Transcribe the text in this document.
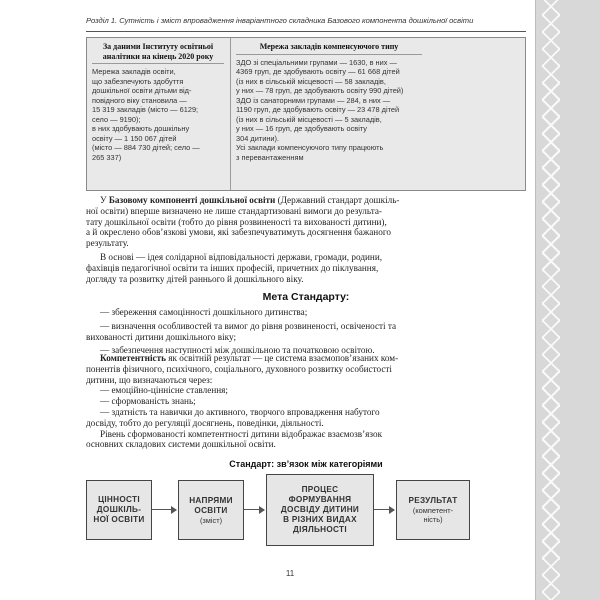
Розділ 1. Сутність і зміст впровадження інваріантного складника Базового компонента дошкільної освіти
За даними Інституту освітньої
аналітики на кінець 2020 року
Мережа закладів освіти,
що забезпечують здобуття
дошкільної освіти дітьми від-
повідного віку становила —
15 319 закладів (місто — 6129;
село — 9190);
в них здобувають дошкільну
освіту — 1 150 067 дітей
(місто — 884 730 дітей; село —
265 337)
Мережа закладів компенсуючого типу
ЗДО зі спеціальними групами — 1630, в них —
4369 груп, де здобувають освіту — 61 668 дітей
(із них в сільській місцевості — 58 закладів,
у них — 78 груп, де здобувають освіту 990 дітей)
ЗДО із санаторними групами — 284, в них —
1190 груп, де здобувають освіту — 23 478 дітей
(із них в сільській місцевості — 5 закладів,
у них — 16 груп, де здобувають освіту
304 дитини).
Усі заклади компенсуючого типу працюють
з перевантаженням
У Базовому компоненті дошкільної освіти (Державний стандарт дошкіль-
ної освіти) вперше визначено не лише стандартизовані вимоги до результа-
тату дошкільної освіти (тобто до рівня розвиненості та вихованості дитини),
а й окреслено обов’язкові умови, які забезпечуватимуть досягнення бажаного
результату.
В основі — ідея солідарної відповідальності держави, громади, родини,
фахівців педагогічної освіти та інших професій, причетних до піклування,
догляду та розвитку дітей раннього й дошкільного віку.
Мета Стандарту:
— збереження самоцінності дошкільного дитинства;
— визначення особливостей та вимог до рівня розвиненості, освіченості та
вихованості дитини дошкільного віку;
— забезпечення наступності між дошкільною та початковою освітою.
Компетентність як освітній результат — це система взаємопов’язаних ком-
понентів фізичного, психічного, соціального, духовного розвитку особистості
дитини, що визначаються через:
— емоційно-ціннісне ставлення;
— сформованість знань;
— здатність та навички до активного, творчого впровадження набутого
досвіду, тобто до регуляції досягнень, поведінки, діяльності.
Рівень сформованості компетентності дитини відображає взаємозв’язок
основних складових системи дошкільної освіти.
Стандарт: зв’язок між категоріями
ЦІННОСТІ
ДОШКІЛЬ-
НОЇ ОСВІТИ
НАПРЯМИ
ОСВІТИ
(зміст)
ПРОЦЕС
ФОРМУВАННЯ
ДОСВІДУ ДИТИНИ
В РІЗНИХ ВИДАХ
ДІЯЛЬНОСТІ
РЕЗУЛЬТАТ
(компетент-
ність)
11
